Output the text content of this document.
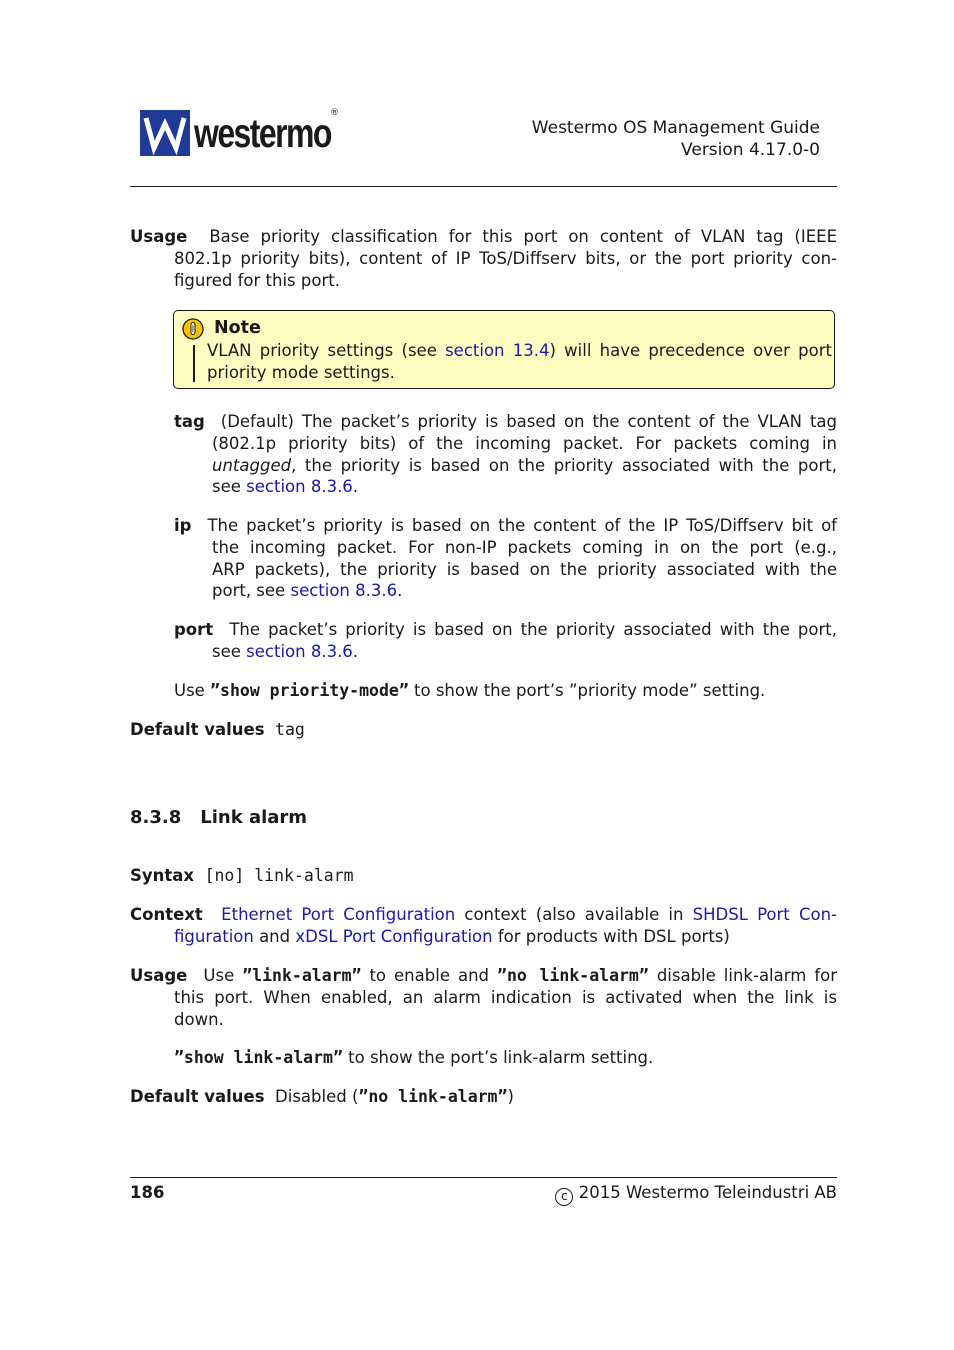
westermo ®
Westermo OS Management Guide
Version 4.17.0-0
Usage Base priority classification for this port on content of VLAN tag (IEEE
802.1p priority bits), content of IP ToS/Diffserv bits, or the port priority con-
figured for this port.
Note
VLAN priority settings (see section 13.4) will have precedence over port
priority mode settings.
tag (Default) The packet’s priority is based on the content of the VLAN tag
(802.1p priority bits) of the incoming packet. For packets coming in
untagged, the priority is based on the priority associated with the port,
see section 8.3.6.
ip The packet’s priority is based on the content of the IP ToS/Diffserv bit of
the incoming packet. For non-IP packets coming in on the port (e.g.,
ARP packets), the priority is based on the priority associated with the
port, see section 8.3.6.
port The packet’s priority is based on the priority associated with the port,
see section 8.3.6.
Use ”show priority-mode” to show the port’s ”priority mode” setting.
Default values tag
8.3.8 Link alarm
Syntax [no] link-alarm
Context Ethernet Port Configuration context (also available in SHDSL Port Con-
figuration and xDSL Port Configuration for products with DSL ports)
Usage Use ”link-alarm” to enable and ”no link-alarm” disable link-alarm for
this port. When enabled, an alarm indication is activated when the link is
down.
”show link-alarm” to show the port’s link-alarm setting.
Default values Disabled (”no link-alarm”)
186	c 2015 Westermo Teleindustri AB
